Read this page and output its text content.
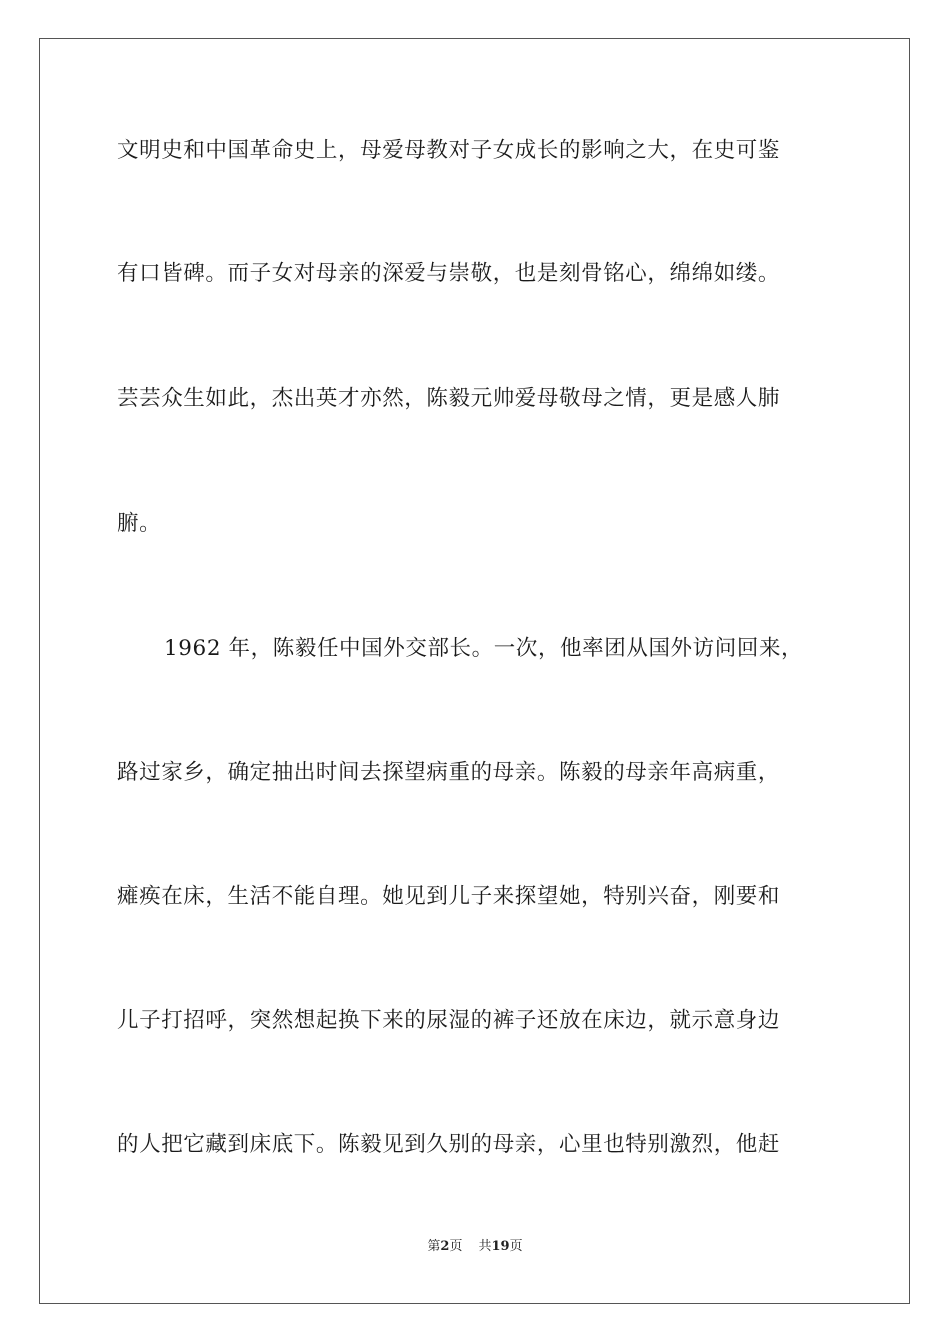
文明史和中国革命史上，母爱母教对子女成长的影响之大，在史可鉴
有口皆碑。而子女对母亲的深爱与崇敬，也是刻骨铭心，绵绵如缕。
芸芸众生如此，杰出英才亦然，陈毅元帅爱母敬母之情，更是感人肺
腑。
1962 年，陈毅任中国外交部长。一次，他率团从国外访问回来，
路过家乡，确定抽出时间去探望病重的母亲。陈毅的母亲年高病重，
瘫痪在床，生活不能自理。她见到儿子来探望她，特别兴奋，刚要和
儿子打招呼，突然想起换下来的尿湿的裤子还放在床边，就示意身边
的人把它藏到床底下。陈毅见到久别的母亲，心里也特别激烈，他赶
第2页 共19页
